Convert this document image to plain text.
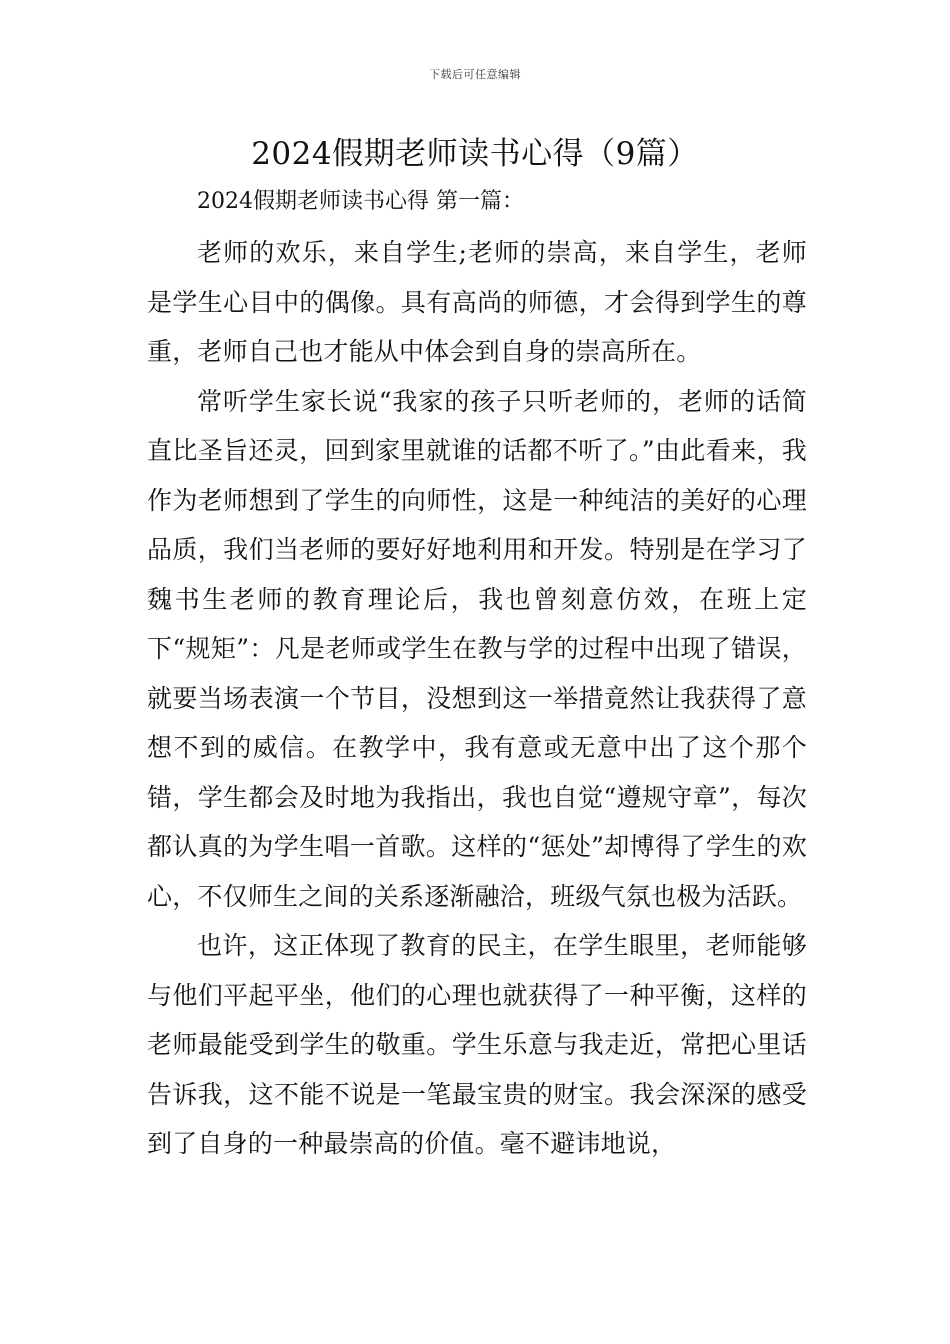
下载后可任意编辑
2024假期老师读书心得（9篇）
2024假期老师读书心得 第一篇：

老师的欢乐，来自学生;老师的崇高，来自学生，老师是学生心目中的偶像。具有高尚的师德，才会得到学生的尊重，老师自己也才能从中体会到自身的崇高所在。

常听学生家长说“我家的孩子只听老师的，老师的话简直比圣旨还灵，回到家里就谁的话都不听了。”由此看来，我作为老师想到了学生的向师性，这是一种纯洁的美好的心理品质，我们当老师的要好好地利用和开发。特别是在学习了魏书生老师的教育理论后，我也曾刻意仿效，在班上定下“规矩”：凡是老师或学生在教与学的过程中出现了错误，就要当场表演一个节目，没想到这一举措竟然让我获得了意想不到的威信。在教学中，我有意或无意中出了这个那个错，学生都会及时地为我指出，我也自觉“遵规守章”，每次都认真的为学生唱一首歌。这样的“惩处”却博得了学生的欢心，不仅师生之间的关系逐渐融洽，班级气氛也极为活跃。

也许，这正体现了教育的民主，在学生眼里，老师能够与他们平起平坐，他们的心理也就获得了一种平衡，这样的老师最能受到学生的敬重。学生乐意与我走近，常把心里话告诉我，这不能不说是一笔最宝贵的财宝。我会深深的感受到了自身的一种最崇高的价值。毫不避讳地说，
